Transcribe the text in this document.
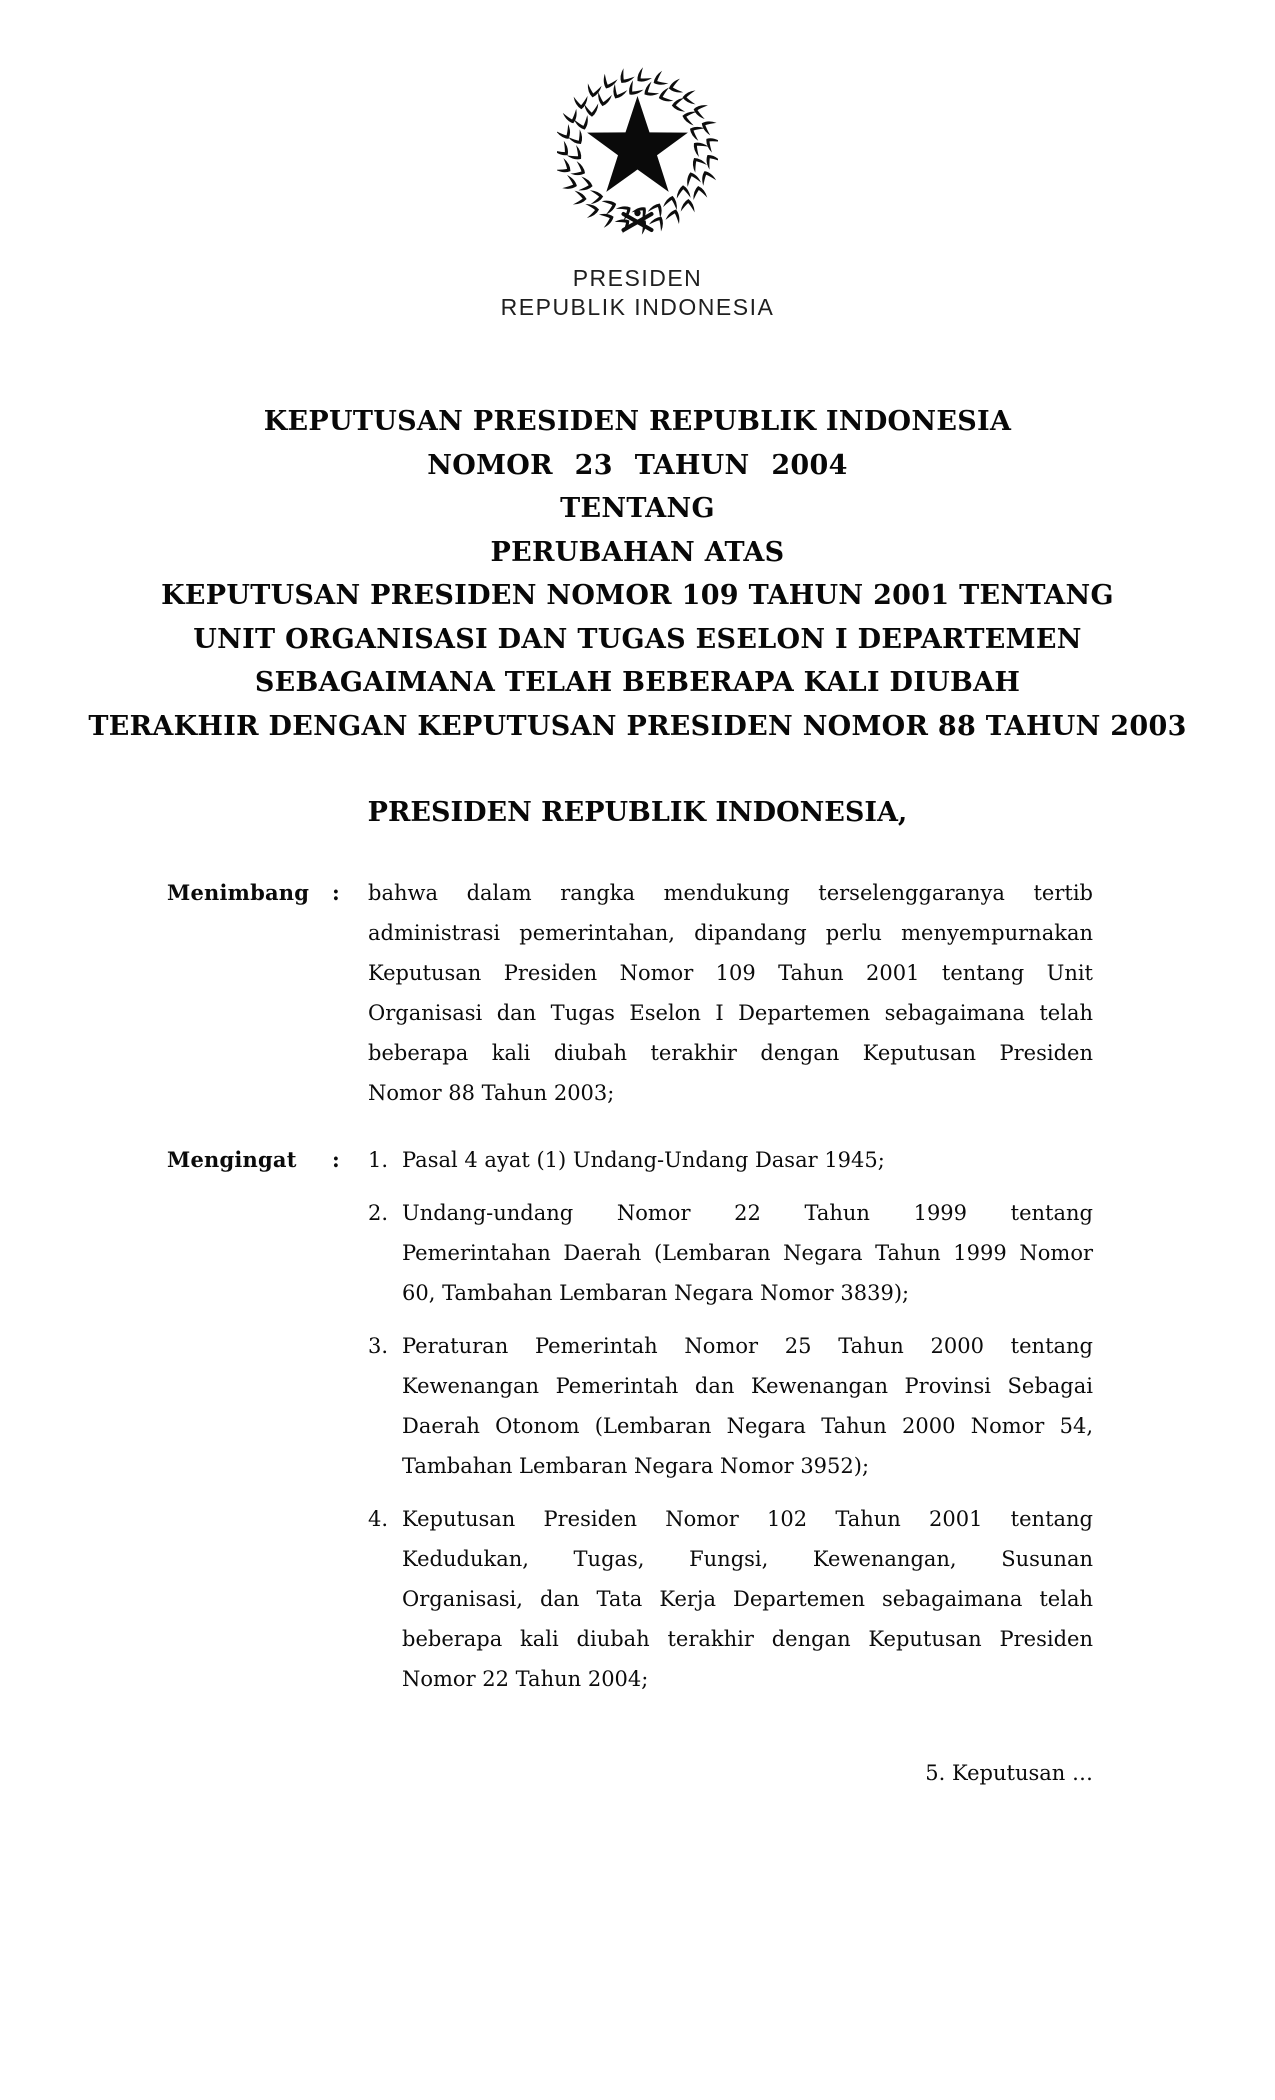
PRESIDEN
REPUBLIK INDONESIA
KEPUTUSAN PRESIDEN REPUBLIK INDONESIA
NOMOR 23 TAHUN 2004
TENTANG
PERUBAHAN ATAS
KEPUTUSAN PRESIDEN NOMOR 109 TAHUN 2001 TENTANG
UNIT ORGANISASI DAN TUGAS ESELON I DEPARTEMEN
SEBAGAIMANA TELAH BEBERAPA KALI DIUBAH
TERAKHIR DENGAN KEPUTUSAN PRESIDEN NOMOR 88 TAHUN 2003
PRESIDEN REPUBLIK INDONESIA,
Menimbang : bahwa dalam rangka mendukung terselenggaranya tertib
administrasi pemerintahan, dipandang perlu menyempurnakan
Keputusan Presiden Nomor 109 Tahun 2001 tentang Unit
Organisasi dan Tugas Eselon I Departemen sebagaimana telah
beberapa kali diubah terakhir dengan Keputusan Presiden
Nomor 88 Tahun 2003;
Mengingat : 1. Pasal 4 ayat (1) Undang-Undang Dasar 1945;
2. Undang-undang Nomor 22 Tahun 1999 tentang
Pemerintahan Daerah (Lembaran Negara Tahun 1999 Nomor
60, Tambahan Lembaran Negara Nomor 3839);
3. Peraturan Pemerintah Nomor 25 Tahun 2000 tentang
Kewenangan Pemerintah dan Kewenangan Provinsi Sebagai
Daerah Otonom (Lembaran Negara Tahun 2000 Nomor 54,
Tambahan Lembaran Negara Nomor 3952);
4. Keputusan Presiden Nomor 102 Tahun 2001 tentang
Kedudukan, Tugas, Fungsi, Kewenangan, Susunan
Organisasi, dan Tata Kerja Departemen sebagaimana telah
beberapa kali diubah terakhir dengan Keputusan Presiden
Nomor 22 Tahun 2004;
5. Keputusan …
